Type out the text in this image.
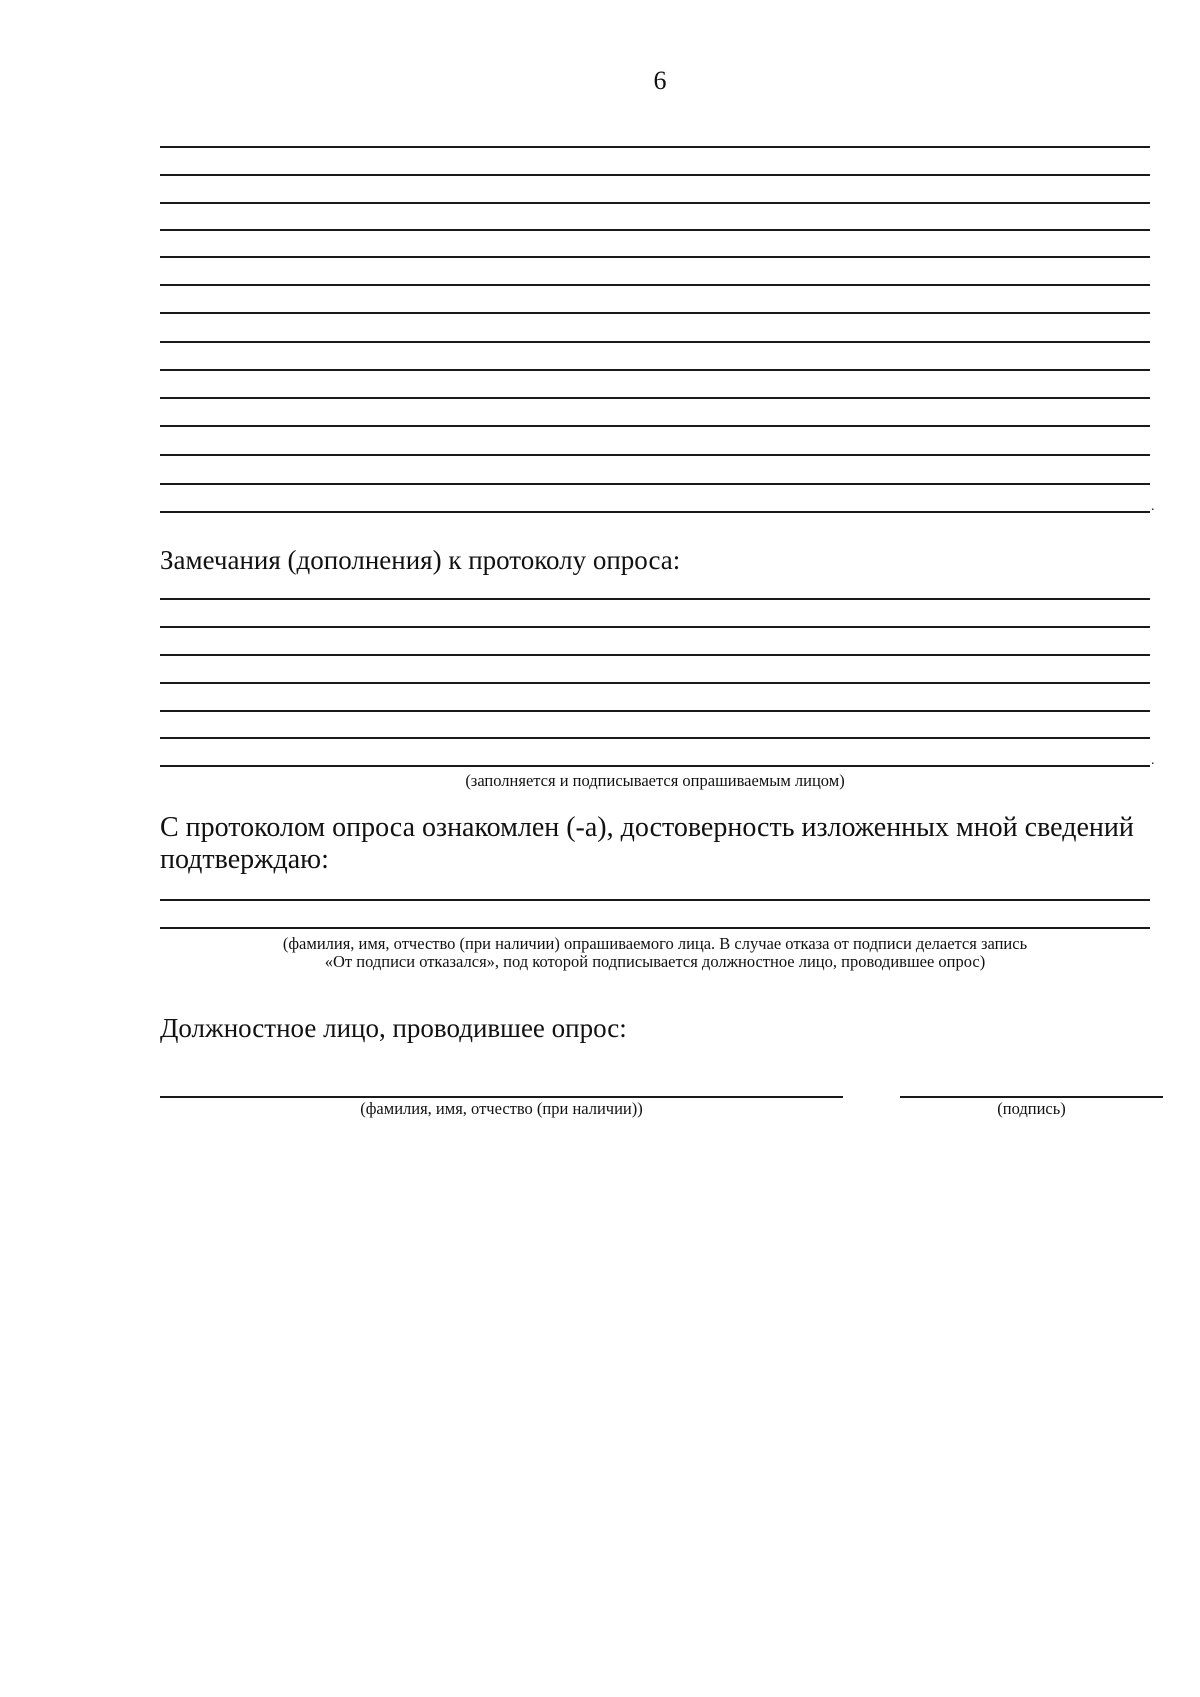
6
.
Замечания (дополнения) к протоколу опроса:
.
(заполняется и подписывается опрашиваемым лицом)
С протоколом опроса ознакомлен (-а), достоверность изложенных мной сведений
подтверждаю:
(фамилия, имя, отчество (при наличии) опрашиваемого лица. В случае отказа от подписи делается запись
«От подписи отказался», под которой подписывается должностное лицо, проводившее опрос)
Должностное лицо, проводившее опрос:
(фамилия, имя, отчество (при наличии))	(подпись)
